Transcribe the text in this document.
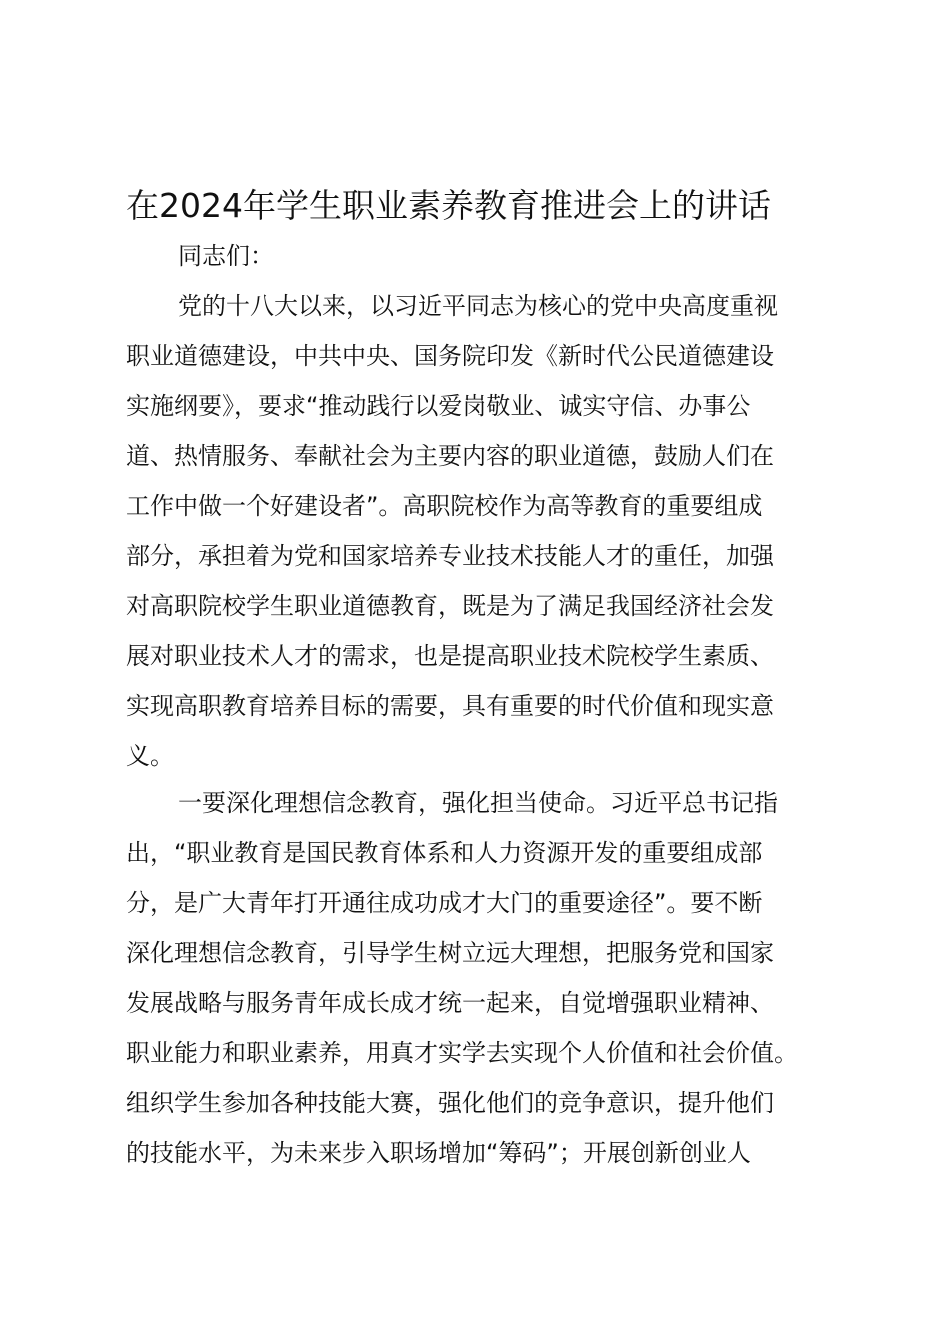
在2024年学生职业素养教育推进会上的讲话

同志们：

党的十八大以来，以习近平同志为核心的党中央高度重视
职业道德建设，中共中央、国务院印发《新时代公民道德建设
实施纲要》，要求“推动践行以爱岗敬业、诚实守信、办事公
道、热情服务、奉献社会为主要内容的职业道德，鼓励人们在
工作中做一个好建设者”。高职院校作为高等教育的重要组成
部分，承担着为党和国家培养专业技术技能人才的重任，加强
对高职院校学生职业道德教育，既是为了满足我国经济社会发
展对职业技术人才的需求，也是提高职业技术院校学生素质、
实现高职教育培养目标的需要，具有重要的时代价值和现实意
义。
一要深化理想信念教育，强化担当使命。习近平总书记指
出，“职业教育是国民教育体系和人力资源开发的重要组成部
分，是广大青年打开通往成功成才大门的重要途径”。要不断
深化理想信念教育，引导学生树立远大理想，把服务党和国家
发展战略与服务青年成长成才统一起来，自觉增强职业精神、
职业能力和职业素养，用真才实学去实现个人价值和社会价值。
组织学生参加各种技能大赛，强化他们的竞争意识，提升他们
的技能水平，为未来步入职场增加“筹码”；开展创新创业人
